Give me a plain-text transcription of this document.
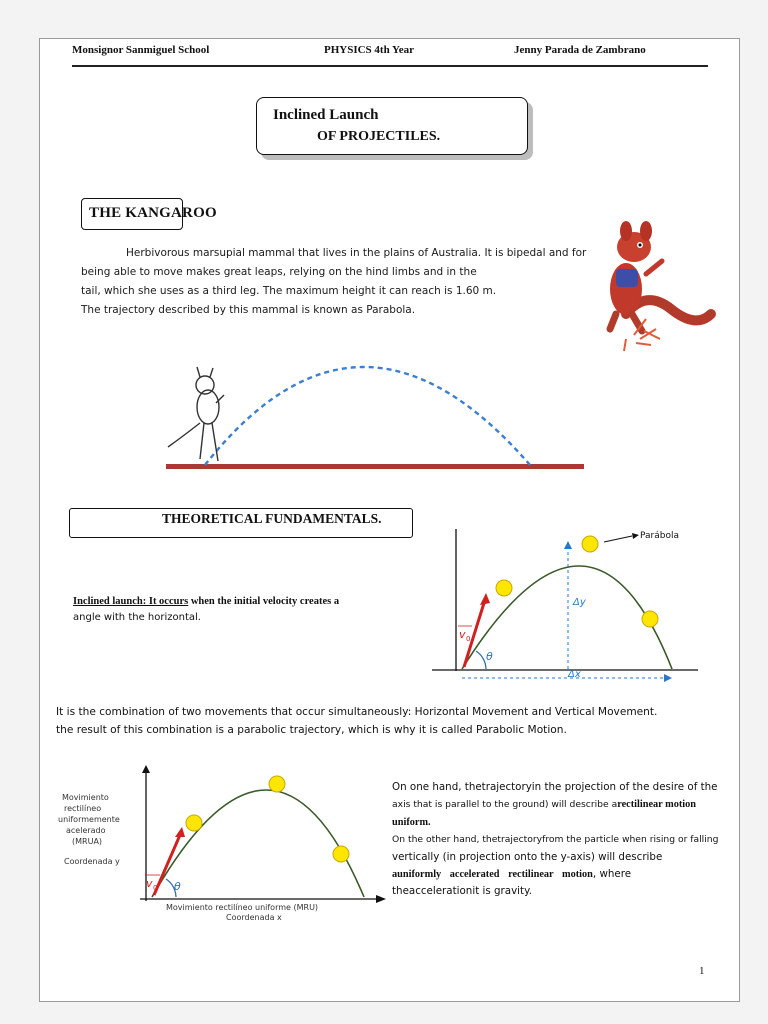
Monsignor Sanmiguel School	PHYSICS 4th Year	Jenny Parada de Zambrano
Inclined Launch
OF PROJECTILES.
THE KANGAROO
Herbivorous marsupial mammal that lives in the plains of Australia. It is bipedal and for
being able to move makes great leaps, relying on the hind limbs and in the
tail, which she uses as a third leg. The maximum height it can reach is 1.60 m.
The trajectory described by this mammal is known as Parabola.
THEORETICAL FUNDAMENTALS.
Inclined launch: It occurs when the initial velocity creates a
angle with the horizontal.
Parábola
Δy
Δx
v 0
θ
It is the combination of two movements that occur simultaneously: Horizontal Movement and Vertical Movement.
the result of this combination is a parabolic trajectory, which is why it is called Parabolic Motion.
Movimiento
rectilíneo
uniformemente
acelerado
(MRUA)
Coordenada y
Movimiento rectilíneo uniforme (MRU)
Coordenada x
v 0 θ
On one hand, thetrajectoryin the projection of the desire of the
axis that is parallel to the ground) will describe arectilinear motion
uniform.
On the other hand, thetrajectoryfrom the particle when rising or falling
vertically (in projection onto the y-axis) will describe
auniformly accelerated rectilinear motion, where
theaccelerationit is gravity.
1
